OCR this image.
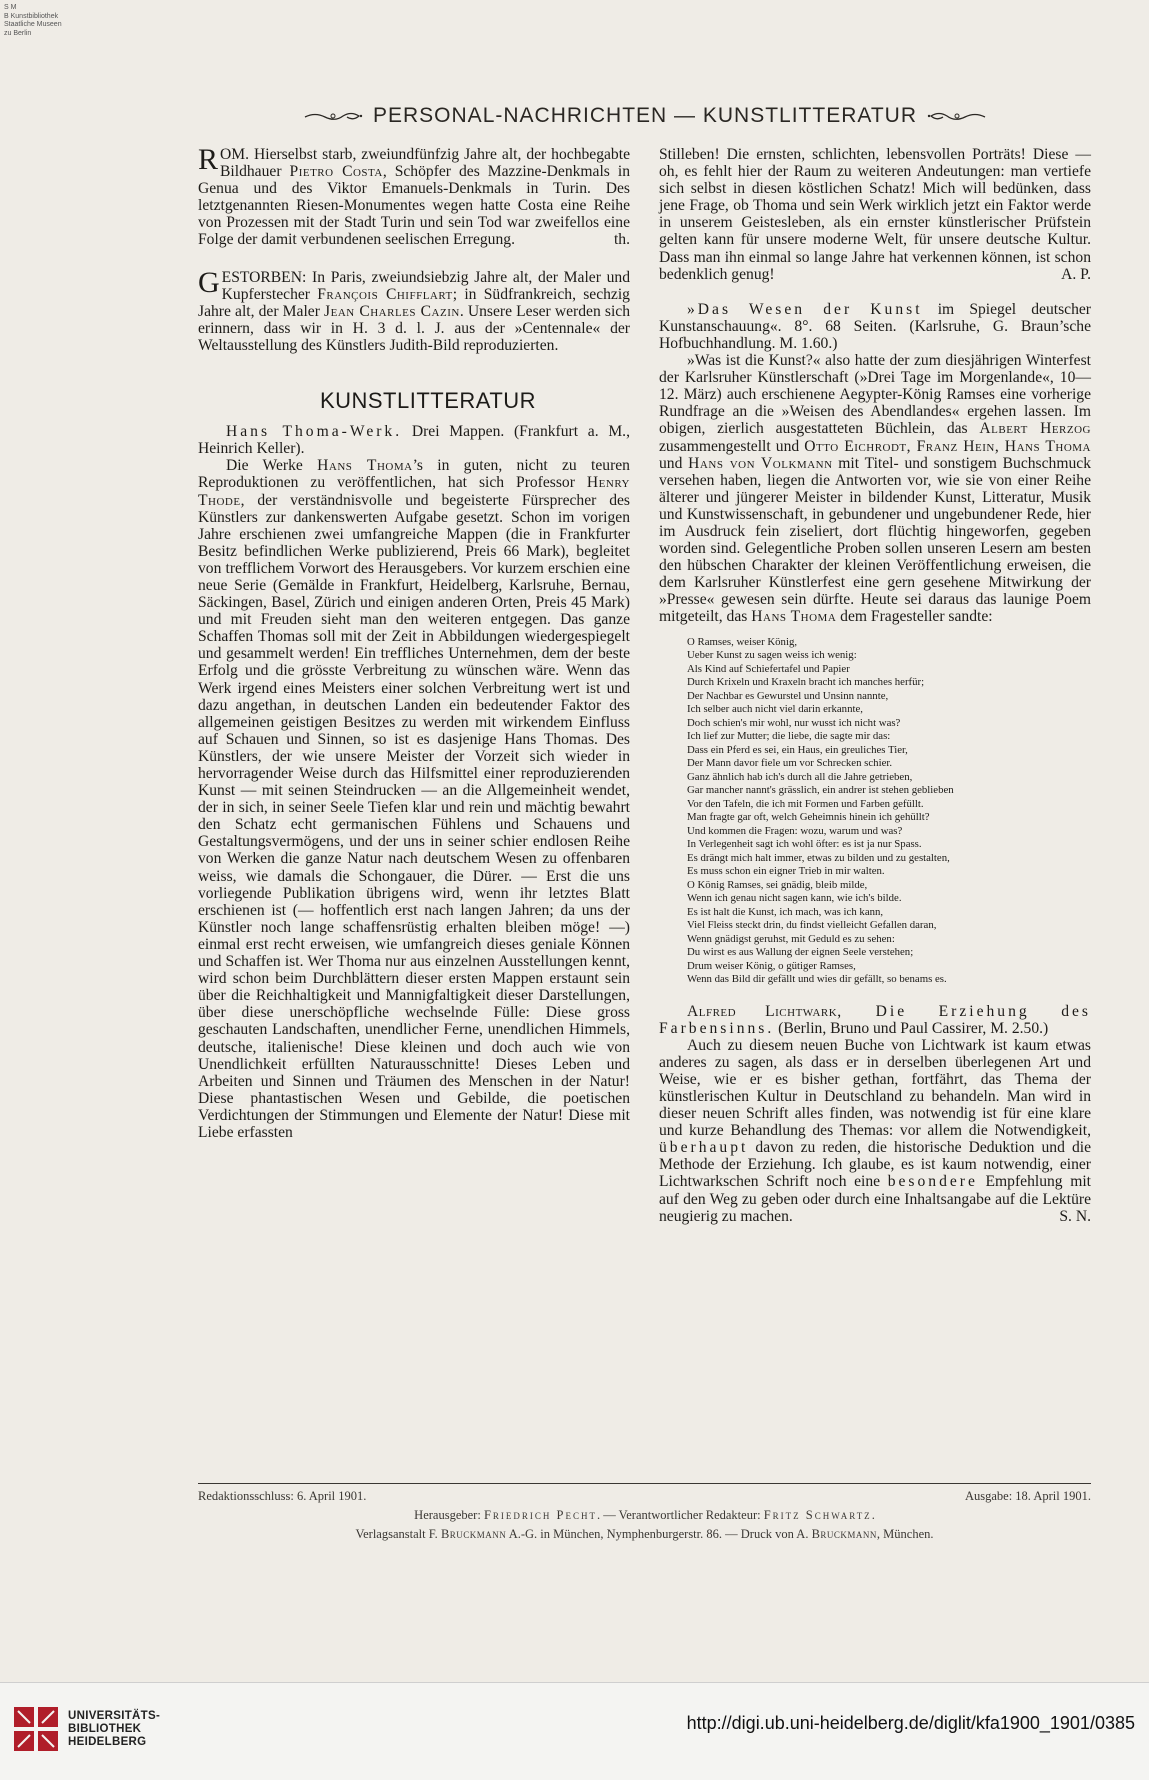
S M
B Kunstbibliothek
Staatliche Museen
zu Berlin
PERSONAL-NACHRICHTEN — KUNSTLITTERATUR

ROM. Hierselbst starb, zweiundfünfzig Jahre alt, der hochbegabte Bildhauer Pietro Costa, Schöpfer des Mazzine-Denkmals in Genua und des Viktor Emanuels-Denkmals in Turin. Des letztgenannten Riesen-Monumentes wegen hatte Costa eine Reihe von Prozessen mit der Stadt Turin und sein Tod war zweifellos eine Folge der damit verbundenen seelischen Erregung.	th.

GESTORBEN: In Paris, zweiundsiebzig Jahre alt, der Maler und Kupferstecher François Chifflart; in Südfrankreich, sechzig Jahre alt, der Maler Jean Charles Cazin. Unsere Leser werden sich erinnern, dass wir in H. 3 d. l. J. aus der »Centennale« der Weltausstellung des Künstlers Judith-Bild reproduzierten.

KUNSTLITTERATUR

Hans Thoma-Werk. Drei Mappen. (Frankfurt a. M., Heinrich Keller).

Die Werke Hans Thoma’s in guten, nicht zu teuren Reproduktionen zu veröffentlichen, hat sich Professor Henry Thode, der verständnisvolle und begeisterte Fürsprecher des Künstlers zur dankenswerten Aufgabe gesetzt. Schon im vorigen Jahre erschienen zwei umfangreiche Mappen (die in Frankfurter Besitz befindlichen Werke publizierend, Preis 66 Mark), begleitet von trefflichem Vorwort des Herausgebers. Vor kurzem erschien eine neue Serie (Gemälde in Frankfurt, Heidelberg, Karlsruhe, Bernau, Säckingen, Basel, Zürich und einigen anderen Orten, Preis 45 Mark) und mit Freuden sieht man den weiteren entgegen. Das ganze Schaffen Thomas soll mit der Zeit in Abbildungen wiedergespiegelt und gesammelt werden! Ein treffliches Unternehmen, dem der beste Erfolg und die grösste Verbreitung zu wünschen wäre. Wenn das Werk irgend eines Meisters einer solchen Verbreitung wert ist und dazu angethan, in deutschen Landen ein bedeutender Faktor des allgemeinen geistigen Besitzes zu werden mit wirkendem Einfluss auf Schauen und Sinnen, so ist es dasjenige Hans Thomas. Des Künstlers, der wie unsere Meister der Vorzeit sich wieder in hervorragender Weise durch das Hilfsmittel einer reproduzierenden Kunst — mit seinen Steindrucken — an die Allgemeinheit wendet, der in sich, in seiner Seele Tiefen klar und rein und mächtig bewahrt den Schatz echt germanischen Fühlens und Schauens und Gestaltungsvermögens, und der uns in seiner schier endlosen Reihe von Werken die ganze Natur nach deutschem Wesen zu offenbaren weiss, wie damals die Schongauer, die Dürer. — Erst die uns vorliegende Publikation übrigens wird, wenn ihr letztes Blatt erschienen ist (— hoffentlich erst nach langen Jahren; da uns der Künstler noch lange schaffensrüstig erhalten bleiben möge! —) einmal erst recht erweisen, wie umfangreich dieses geniale Können und Schaffen ist. Wer Thoma nur aus einzelnen Ausstellungen kennt, wird schon beim Durchblättern dieser ersten Mappen erstaunt sein über die Reichhaltigkeit und Mannigfaltigkeit dieser Darstellungen, über diese unerschöpfliche wechselnde Fülle: Diese gross geschauten Landschaften, unendlicher Ferne, unendlichen Himmels, deutsche, italienische! Diese kleinen und doch auch wie von Unendlichkeit erfüllten Naturausschnitte! Dieses Leben und Arbeiten und Sinnen und Träumen des Menschen in der Natur! Diese phantastischen Wesen und Gebilde, die poetischen Verdichtungen der Stimmungen und Elemente der Natur! Diese mit Liebe erfassten

Stilleben! Die ernsten, schlichten, lebensvollen Porträts! Diese — oh, es fehlt hier der Raum zu weiteren Andeutungen: man vertiefe sich selbst in diesen köstlichen Schatz! Mich will bedünken, dass jene Frage, ob Thoma und sein Werk wirklich jetzt ein Faktor werde in unserem Geistesleben, als ein ernster künstlerischer Prüfstein gelten kann für unsere moderne Welt, für unsere deutsche Kultur. Dass man ihn einmal so lange Jahre hat verkennen können, ist schon bedenklich genug!	A. P.

»Das Wesen der Kunst im Spiegel deutscher Kunstanschauung«. 8°. 68 Seiten. (Karlsruhe, G. Braun’sche Hofbuchhandlung. M. 1.60.)

»Was ist die Kunst?« also hatte der zum diesjährigen Winterfest der Karlsruher Künstlerschaft (»Drei Tage im Morgenlande«, 10—12. März) auch erschienene Aegypter-König Ramses eine vorherige Rundfrage an die »Weisen des Abendlandes« ergehen lassen. Im obigen, zierlich ausgestatteten Büchlein, das Albert Herzog zusammengestellt und Otto Eichrodt, Franz Hein, Hans Thoma und Hans von Volkmann mit Titel- und sonstigem Buchschmuck versehen haben, liegen die Antworten vor, wie sie von einer Reihe älterer und jüngerer Meister in bildender Kunst, Litteratur, Musik und Kunstwissenschaft, in gebundener und ungebundener Rede, hier im Ausdruck fein ziseliert, dort flüchtig hingeworfen, gegeben worden sind. Gelegentliche Proben sollen unseren Lesern am besten den hübschen Charakter der kleinen Veröffentlichung erweisen, die dem Karlsruher Künstlerfest eine gern gesehene Mitwirkung der »Presse« gewesen sein dürfte. Heute sei daraus das launige Poem mitgeteilt, das Hans Thoma dem Fragesteller sandte:

O Ramses, weiser König,
Ueber Kunst zu sagen weiss ich wenig:
Als Kind auf Schiefertafel und Papier
Durch Krixeln und Kraxeln bracht ich manches herfür;
Der Nachbar es Gewurstel und Unsinn nannte,
Ich selber auch nicht viel darin erkannte,
Doch schien's mir wohl, nur wusst ich nicht was?
Ich lief zur Mutter; die liebe, die sagte mir das:
Dass ein Pferd es sei, ein Haus, ein greuliches Tier,
Der Mann davor fiele um vor Schrecken schier.
Ganz ähnlich hab ich's durch all die Jahre getrieben,
Gar mancher nannt's grässlich, ein andrer ist stehen geblieben
Vor den Tafeln, die ich mit Formen und Farben gefüllt.
Man fragte gar oft, welch Geheimnis hinein ich gehüllt?
Und kommen die Fragen: wozu, warum und was?
In Verlegenheit sagt ich wohl öfter: es ist ja nur Spass.
Es drängt mich halt immer, etwas zu bilden und zu gestalten,
Es muss schon ein eigner Trieb in mir walten.
O König Ramses, sei gnädig, bleib milde,
Wenn ich genau nicht sagen kann, wie ich's bilde.
Es ist halt die Kunst, ich mach, was ich kann,
Viel Fleiss steckt drin, du findst vielleicht Gefallen daran,
Wenn gnädigst geruhst, mit Geduld es zu sehen:
Du wirst es aus Wallung der eignen Seele verstehen;
Drum weiser König, o gütiger Ramses,
Wenn das Bild dir gefällt und wies dir gefällt, so benams es.

Alfred Lichtwark, Die Erziehung des Farbensinns. (Berlin, Bruno und Paul Cassirer, M. 2.50.)

Auch zu diesem neuen Buche von Lichtwark ist kaum etwas anderes zu sagen, als dass er in derselben überlegenen Art und Weise, wie er es bisher gethan, fortfährt, das Thema der künstlerischen Kultur in Deutschland zu behandeln. Man wird in dieser neuen Schrift alles finden, was notwendig ist für eine klare und kurze Behandlung des Themas: vor allem die Notwendigkeit, überhaupt davon zu reden, die historische Deduktion und die Methode der Erziehung. Ich glaube, es ist kaum notwendig, einer Lichtwarkschen Schrift noch eine besondere Empfehlung mit auf den Weg zu geben oder durch eine Inhaltsangabe auf die Lektüre neugierig zu machen.	S. N.

Redaktionsschluss: 6. April 1901.	Ausgabe: 18. April 1901.
Herausgeber: Friedrich Pecht. — Verantwortlicher Redakteur: Fritz Schwartz.
Verlagsanstalt F. Bruckmann A.-G. in München, Nymphenburgerstr. 86. — Druck von A. Bruckmann, München.
UNIVERSITÄTS-
BIBLIOTHEK
HEIDELBERG
http://digi.ub.uni-heidelberg.de/diglit/kfa1900_1901/0385
